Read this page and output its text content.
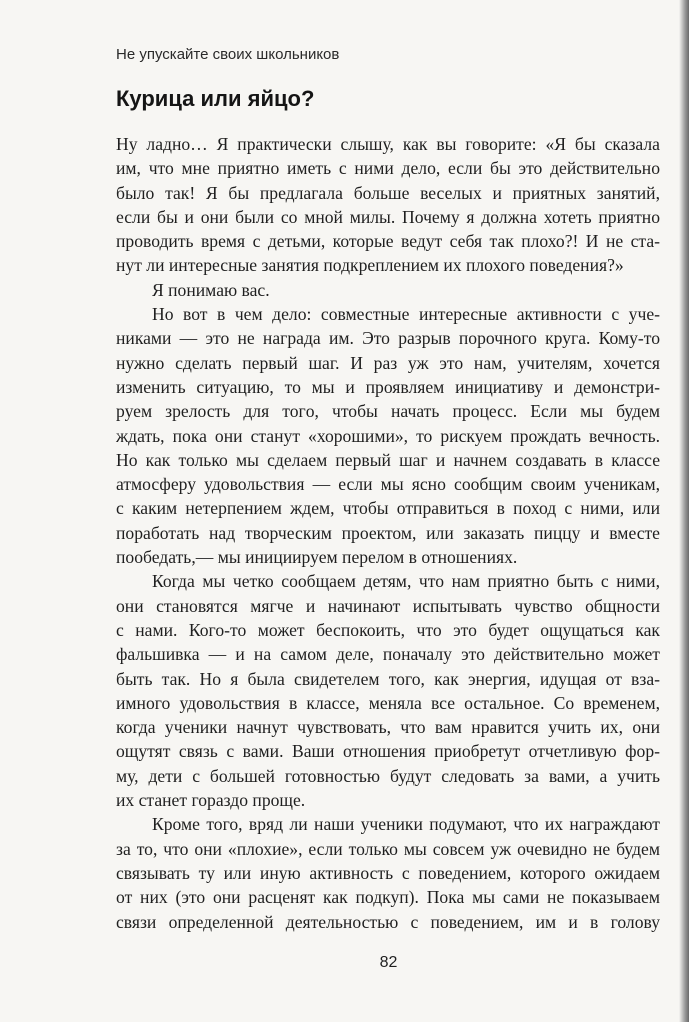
Не упускайте своих школьников

Курица или яйцо?

Ну ладно… Я практически слышу, как вы говорите: «Я бы сказала

им, что мне приятно иметь с ними дело, если бы это действительно

было так! Я бы предлагала больше веселых и приятных занятий,

если бы и они были со мной милы. Почему я должна хотеть приятно

проводить время с детьми, которые ведут себя так плохо?! И не ста-

нут ли интересные занятия подкреплением их плохого поведения?»

Я понимаю вас.

Но вот в чем дело: совместные интересные активности с уче-

никами — это не награда им. Это разрыв порочного круга. Кому-то

нужно сделать первый шаг. И раз уж это нам, учителям, хочется

изменить ситуацию, то мы и проявляем инициативу и демонстри-

руем зрелость для тогo, чтобы начать процесс. Если мы будем

ждать, пока они станут «хорошими», то рискуем прождать вечность.

Но как только мы сделаем первый шаг и начнем создавать в классе

атмосферу удовольствия — если мы ясно сообщим своим ученикам,

с каким нетерпением ждем, чтобы отправиться в поход с ними, или

поработать над творческим проектом, или заказать пиццу и вместе

пообедать,— мы инициируем перелом в отношениях.

Когда мы четко сообщаем детям, что нам приятно быть с ними,

они становятся мягче и начинают испытывать чувство общности

с нами. Кого-то может беспокоить, что это будет ощущаться как

фальшивка — и на самом деле, поначалу это действительно может

быть так. Но я была свидетелем того, как энергия, идущая от вза-

имного удовольствия в классе, меняла все остальное. Со временем,

когда ученики начнут чувствовать, что вам нравится учить их, они

ощутят связь с вами. Ваши отношения приобретут отчетливую фор-

му, дети с большей готовностью будут следовать за вами, а учить

их станет гораздо проще.

Кроме того, вряд ли наши ученики подумают, что их награждают

за то, что они «плохие», если только мы совсем уж очевидно не будем

связывать ту или иную активность с поведением, которого ожидаем

от них (это они расценят как подкуп). Пока мы сами не показываем

связи определенной деятельностью с поведением, им и в голову

82
